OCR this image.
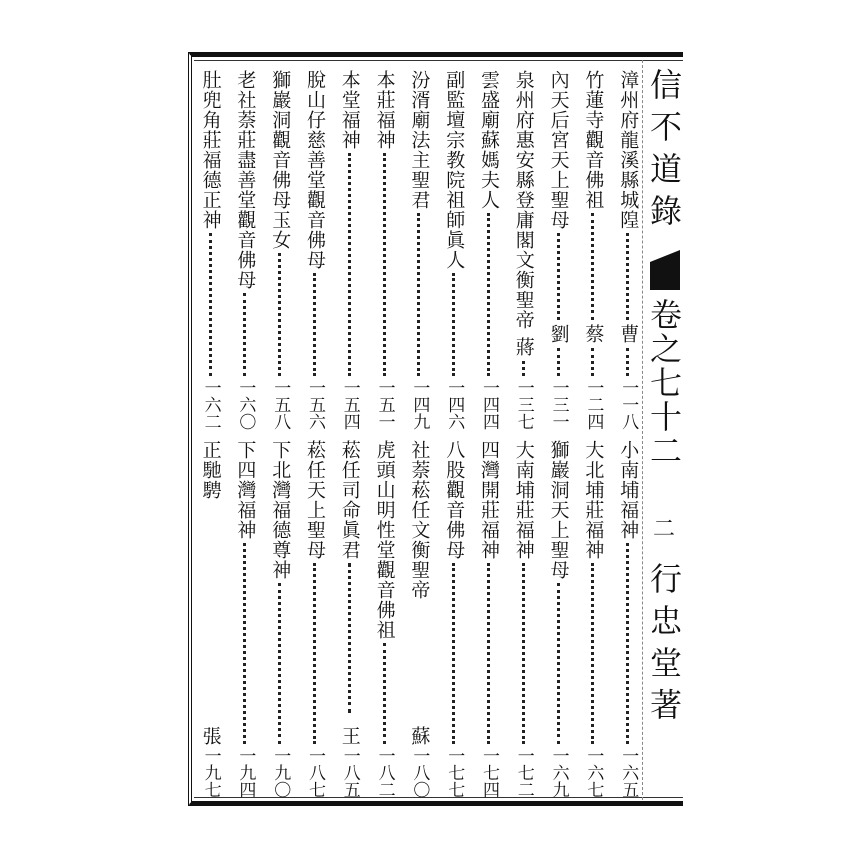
信不道錄
卷之七十二
二
行忠堂著
漳州府龍溪縣城隍
曹
一一八
小南埔福神
一六五
竹蓮寺觀音佛祖
蔡
一二四
大北埔莊福神
一六七
內天后宮天上聖母
劉
一三一
獅巖洞天上聖母
一六九
泉州府惠安縣登庸閣文衡聖帝
蔣
一三七
大南埔莊福神
一七二
雲盛廟蘇媽夫人
一四四
四灣開莊福神
一七四
副監壇宗教院祖師眞人
一四六
八股觀音佛母
一七七
汾湑廟法主聖君
一四九
社萘菘任文衡聖帝
蘇
一八〇
本莊福神
一五一
虎頭山明性堂觀音佛祖
一八二
本堂福神
一五四
菘任司命眞君
王
一八五
脫山仔慈善堂觀音佛母
一五六
菘任天上聖母
一八七
獅巖洞觀音佛母玉女
一五八
下北灣福德尊神
一九〇
老社萘莊盡善堂觀音佛母
一六〇
下四灣福神
一九四
肚兜角莊福德正神
一六二
正馳騁
張
一九七
